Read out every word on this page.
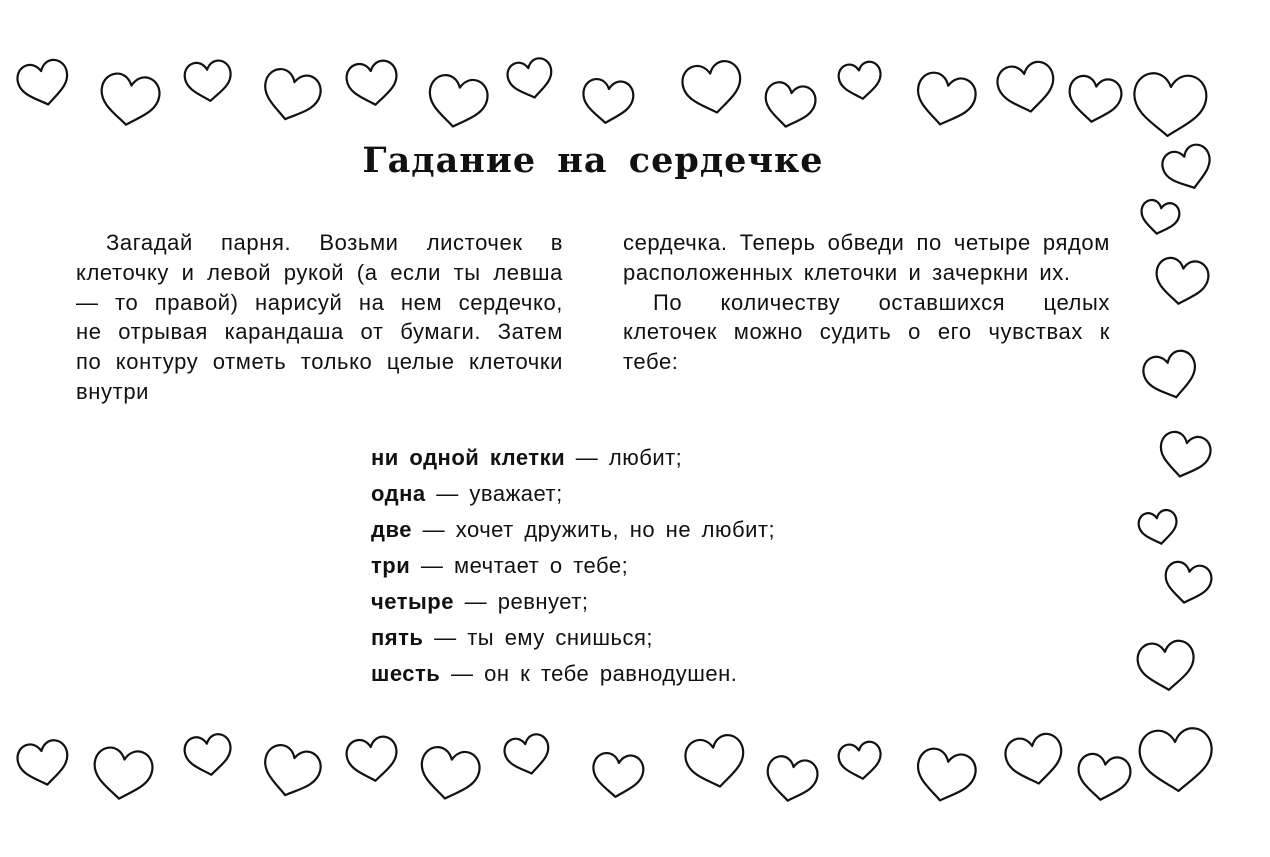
Гадание на сердечке

Загадай парня. Возьми листочек в клеточку и левой рукой (а если ты левша — то правой) нарисуй на нем сердечко, не отрывая карандаша от бумаги. Затем по контуру отметь только целые клеточки внутри

сердечка. Теперь обведи по четыре рядом расположенных клеточки и зачеркни их.

По количеству оставшихся целых клеточек можно судить о его чувствах к тебе:

ни одной клетки — любит;
одна — уважает;
две — хочет дружить, но не любит;
три — мечтает о тебе;
четыре — ревнует;
пять — ты ему снишься;
шесть — он к тебе равнодушен.
